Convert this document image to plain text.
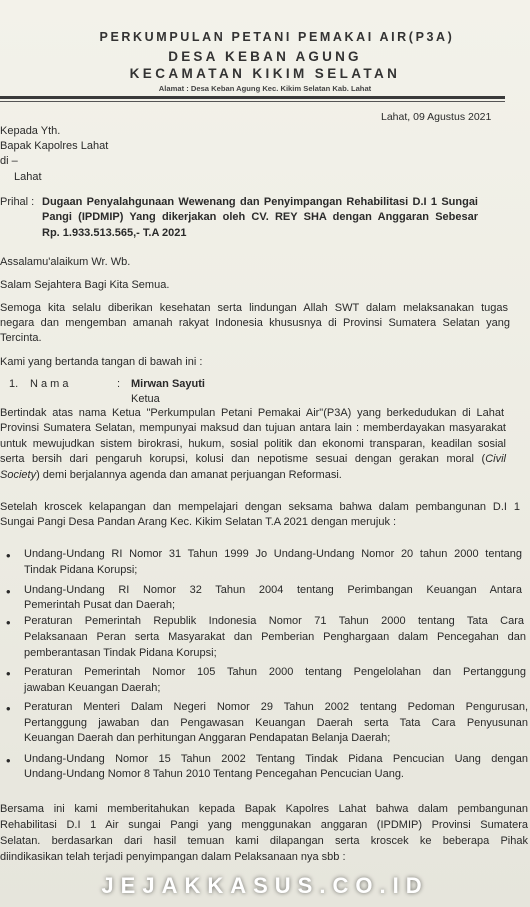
PERKUMPULAN PETANI PEMAKAI AIR(P3A)
DESA KEBAN AGUNG
KECAMATAN KIKIM SELATAN
Alamat : Desa Keban Agung Kec. Kikim Selatan Kab. Lahat
Lahat, 09 Agustus 2021
Kepada Yth.
Bapak Kapolres Lahat
di –
Lahat
Prihal : Dugaan Penyalahgunaan Wewenang dan Penyimpangan Rehabilitasi D.I 1 Sungai
Pangi (IPDMIP) Yang dikerjakan oleh CV. REY SHA dengan Anggaran Sebesar
Rp. 1.933.513.565,- T.A 2021
Assalamu'alaikum Wr. Wb.
Salam Sejahtera Bagi Kita Semua.
Semoga kita selalu diberikan kesehatan serta lindungan Allah SWT dalam melaksanakan tugas
negara dan mengemban amanah rakyat Indonesia khususnya di Provinsi Sumatera Selatan yang
Tercinta.
Kami yang bertanda tangan di bawah ini :
1. N a m a	: Mirwan Sayuti
Ketua
Bertindak atas nama Ketua "Perkumpulan Petani Pemakai Air"(P3A) yang berkedudukan di Lahat
Provinsi Sumatera Selatan, mempunyai maksud dan tujuan antara lain : memberdayakan masyarakat
untuk mewujudkan sistem birokrasi, hukum, sosial politik dan ekonomi transparan, keadilan sosial
serta bersih dari pengaruh korupsi, kolusi dan nepotisme sesuai dengan gerakan moral (Civil
Society) demi berjalannya agenda dan amanat perjuangan Reformasi.
Setelah kroscek kelapangan dan mempelajari dengan seksama bahwa dalam pembangunan D.I 1
Sungai Pangi Desa Pandan Arang Kec. Kikim Selatan T.A 2021 dengan merujuk :
• Undang-Undang RI Nomor 31 Tahun 1999 Jo Undang-Undang Nomor 20 tahun 2000 tentang
Tindak Pidana Korupsi;
• Undang-Undang RI Nomor 32 Tahun 2004 tentang Perimbangan Keuangan Antara
Pemerintah Pusat dan Daerah;
• Peraturan Pemerintah Republik Indonesia Nomor 71 Tahun 2000 tentang Tata Cara
Pelaksanaan Peran serta Masyarakat dan Pemberian Penghargaan dalam Pencegahan dan
pemberantasan Tindak Pidana Korupsi;
• Peraturan Pemerintah Nomor 105 Tahun 2000 tentang Pengelolahan dan Pertanggung
jawaban Keuangan Daerah;
• Peraturan Menteri Dalam Negeri Nomor 29 Tahun 2002 tentang Pedoman Pengurusan,
Pertanggung jawaban dan Pengawasan Keuangan Daerah serta Tata Cara Penyusunan
Keuangan Daerah dan perhitungan Anggaran Pendapatan Belanja Daerah;
• Undang-Undang Nomor 15 Tahun 2002 Tentang Tindak Pidana Pencucian Uang dengan
Undang-Undang Nomor 8 Tahun 2010 Tentang Pencegahan Pencucian Uang.
Bersama ini kami memberitahukan kepada Bapak Kapolres Lahat bahwa dalam pembangunan
Rehabilitasi D.I 1 Air sungai Pangi yang menggunakan anggaran (IPDMIP) Provinsi Sumatera
Selatan. berdasarkan dari hasil temuan kami dilapangan serta kroscek ke beberapa Pihak
diindikasikan telah terjadi penyimpangan dalam Pelaksanaan nya sbb :
JEJAKKASUS.CO.ID
